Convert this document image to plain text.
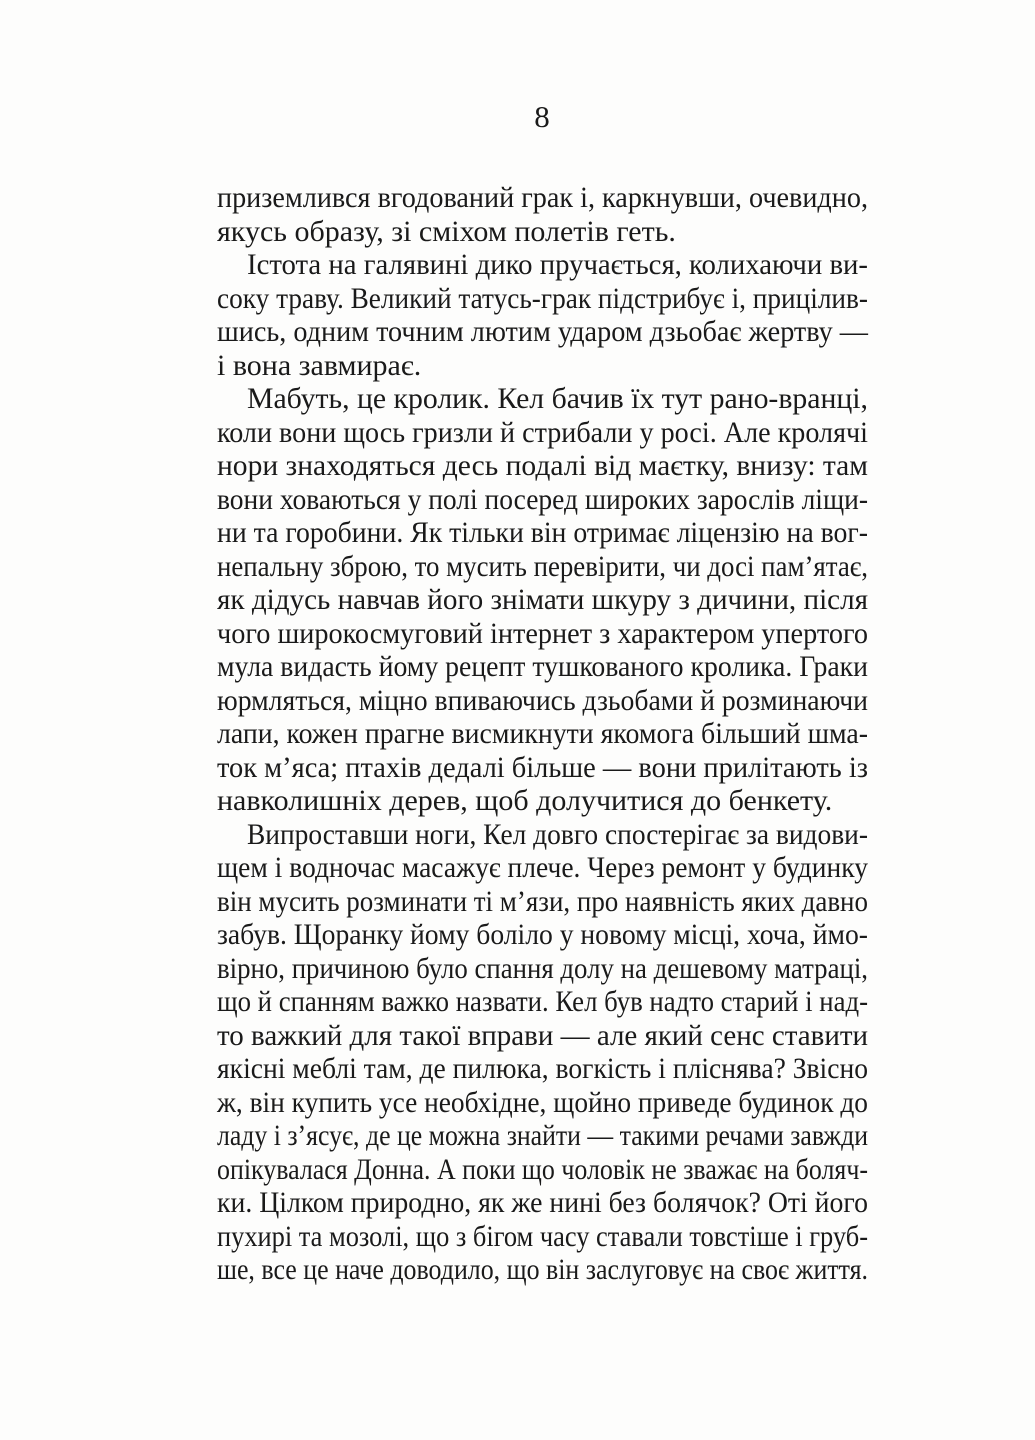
8
приземлився вгодований грак і, каркнувши, очевидно,
якусь образу, зі сміхом полетів геть.
Істота на галявині дико пручається, колихаючи ви-
соку траву. Великий татусь-грак підстрибує і, прицілив-
шись, одним точним лютим ударом дзьобає жертву —
і вона завмирає.
Мабуть, це кролик. Кел бачив їх тут рано-вранці,
коли вони щось гризли й стрибали у росі. Але кролячі
нори знаходяться десь подалі від маєтку, внизу: там
вони ховаються у полі посеред широких зарослів ліщи-
ни та горобини. Як тільки він отримає ліцензію на вог-
непальну зброю, то мусить перевірити, чи досі пам’ятає,
як дідусь навчав його знімати шкуру з дичини, після
чого широкосмуговий інтернет з характером упертого
мула видасть йому рецепт тушкованого кролика. Граки
юрмляться, міцно впиваючись дзьобами й розминаючи
лапи, кожен прагне висмикнути якомога більший шма-
ток м’яса; птахів дедалі більше — вони прилітають із
навколишніх дерев, щоб долучитися до бенкету.
Випроставши ноги, Кел довго спостерігає за видови-
щем і водночас масажує плече. Через ремонт у будинку
він мусить розминати ті м’язи, про наявність яких давно
забув. Щоранку йому боліло у новому місці, хоча, ймо-
вірно, причиною було спання долу на дешевому матраці,
що й спанням важко назвати. Кел був надто старий і над-
то важкий для такої вправи — але який сенс ставити
якісні меблі там, де пилюка, вогкість і пліснява? Звісно
ж, він купить усе необхідне, щойно приведе будинок до
ладу і з’ясує, де це можна знайти — такими речами завжди
опікувалася Донна. А поки що чоловік не зважає на боляч-
ки. Цілком природно, як же нині без болячок? Оті його
пухирі та мозолі, що з бігом часу ставали товстіше і груб-
ше, все це наче доводило, що він заслуговує на своє життя.
